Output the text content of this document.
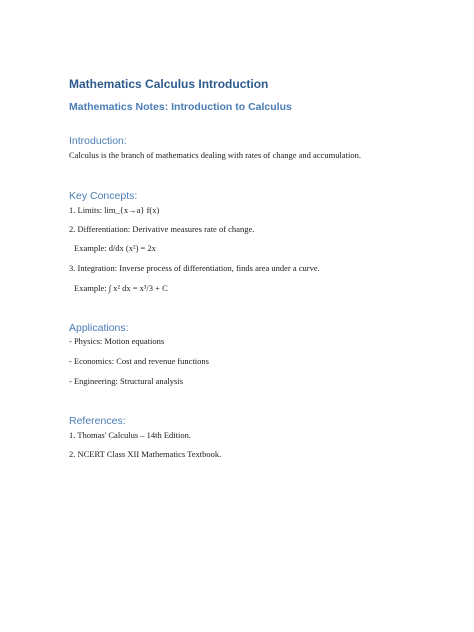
Mathematics Calculus Introduction
Mathematics Notes: Introduction to Calculus
Introduction:

Calculus is the branch of mathematics dealing with rates of change and accumulation.

Key Concepts:

1. Limits: lim_{x→a} f(x)

2. Differentiation: Derivative measures rate of change.

Example: d/dx (x²) = 2x

3. Integration: Inverse process of differentiation, finds area under a curve.

Example: ∫ x² dx = x³/3 + C

Applications:

- Physics: Motion equations

- Economics: Cost and revenue functions

- Engineering: Structural analysis

References:

1. Thomas' Calculus – 14th Edition.

2. NCERT Class XII Mathematics Textbook.
